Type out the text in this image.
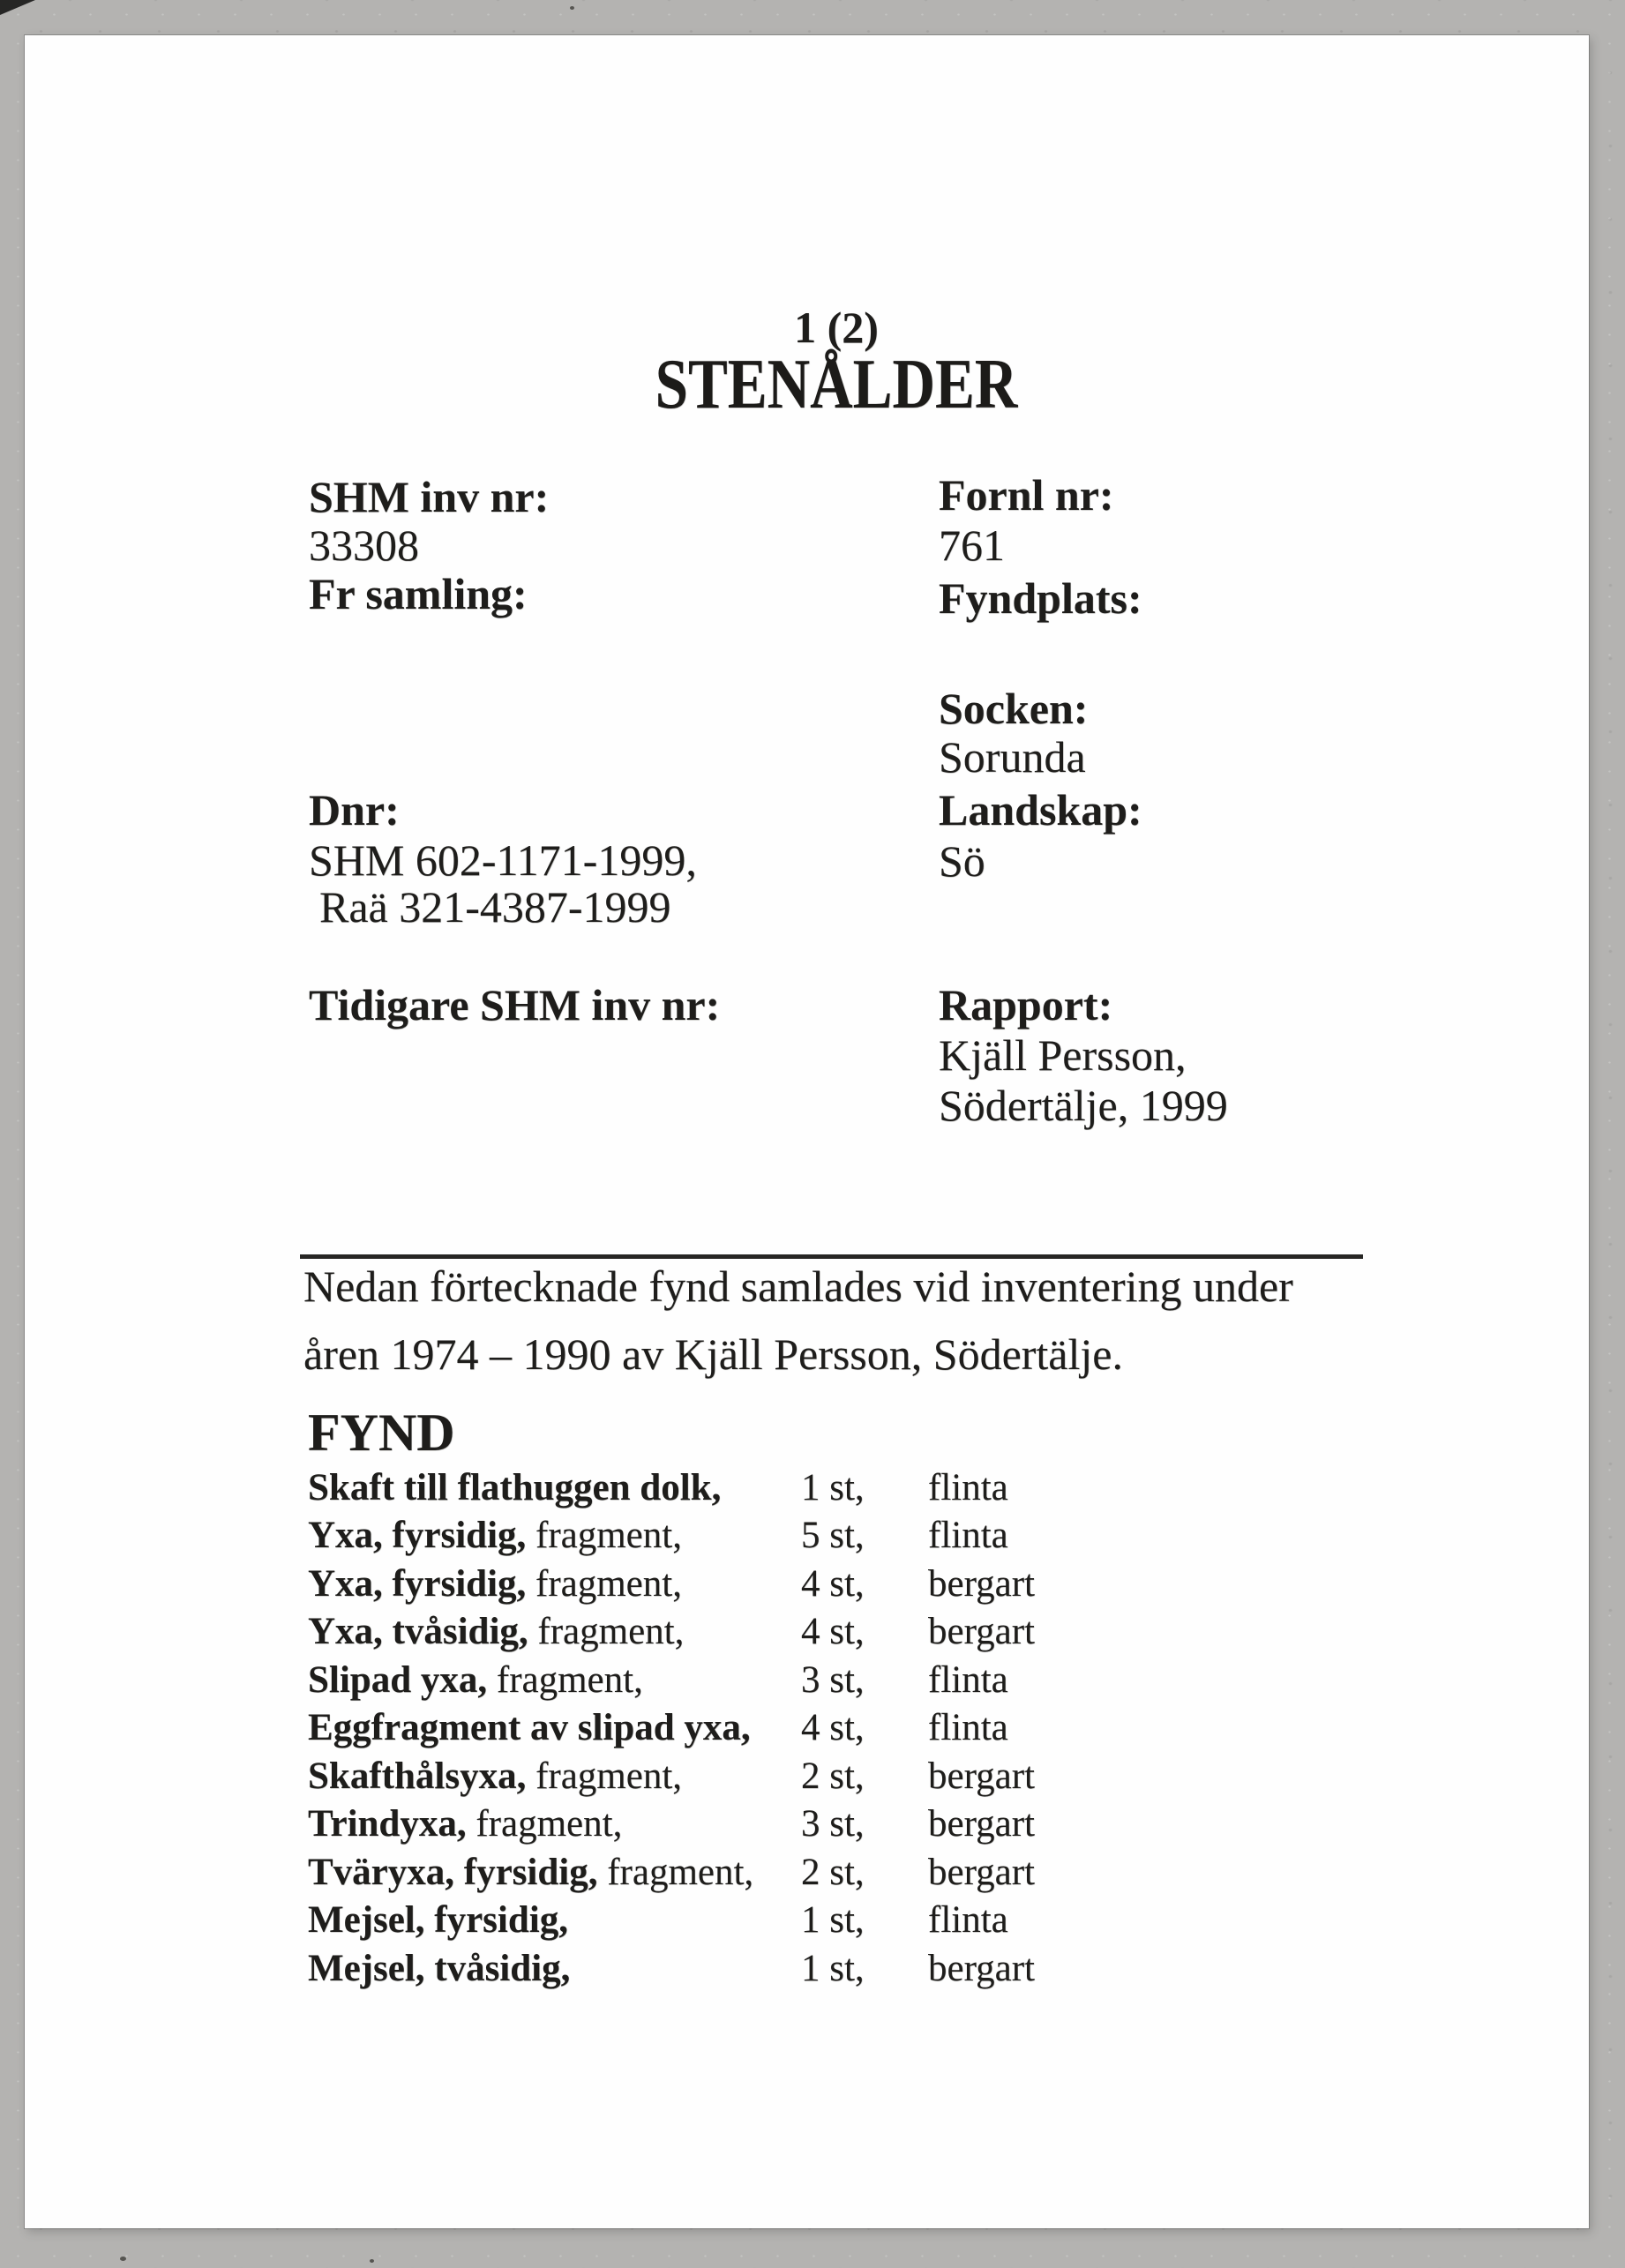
1 (2)
STENÅLDER
SHM inv nr:
33308
Fr samling:
Dnr:
SHM 602-1171-1999,
Raä 321-4387-1999
Tidigare SHM inv nr:
Fornl nr:
761
Fyndplats:
Socken:
Sorunda
Landskap:
Sö
Rapport:
Kjäll Persson,
Södertälje, 1999
Nedan förtecknade fynd samlades vid inventering under
åren 1974 – 1990 av Kjäll Persson, Södertälje.
FYND
Skaft till flathuggen dolk, 1 st, flinta
Yxa, fyrsidig, fragment,	5 st, flinta
Yxa, fyrsidig, fragment,	4 st, bergart
Yxa, tvåsidig, fragment,	4 st, bergart
Slipad yxa, fragment,	3 st, flinta
Eggfragment av slipad yxa, 4 st, flinta
Skafthålsyxa, fragment,	2 st, bergart
Trindyxa, fragment,	3 st, bergart
Tväryxa, fyrsidig, fragment, 2 st, bergart
Mejsel, fyrsidig,	1 st, flinta
Mejsel, tvåsidig,	1 st, bergart
